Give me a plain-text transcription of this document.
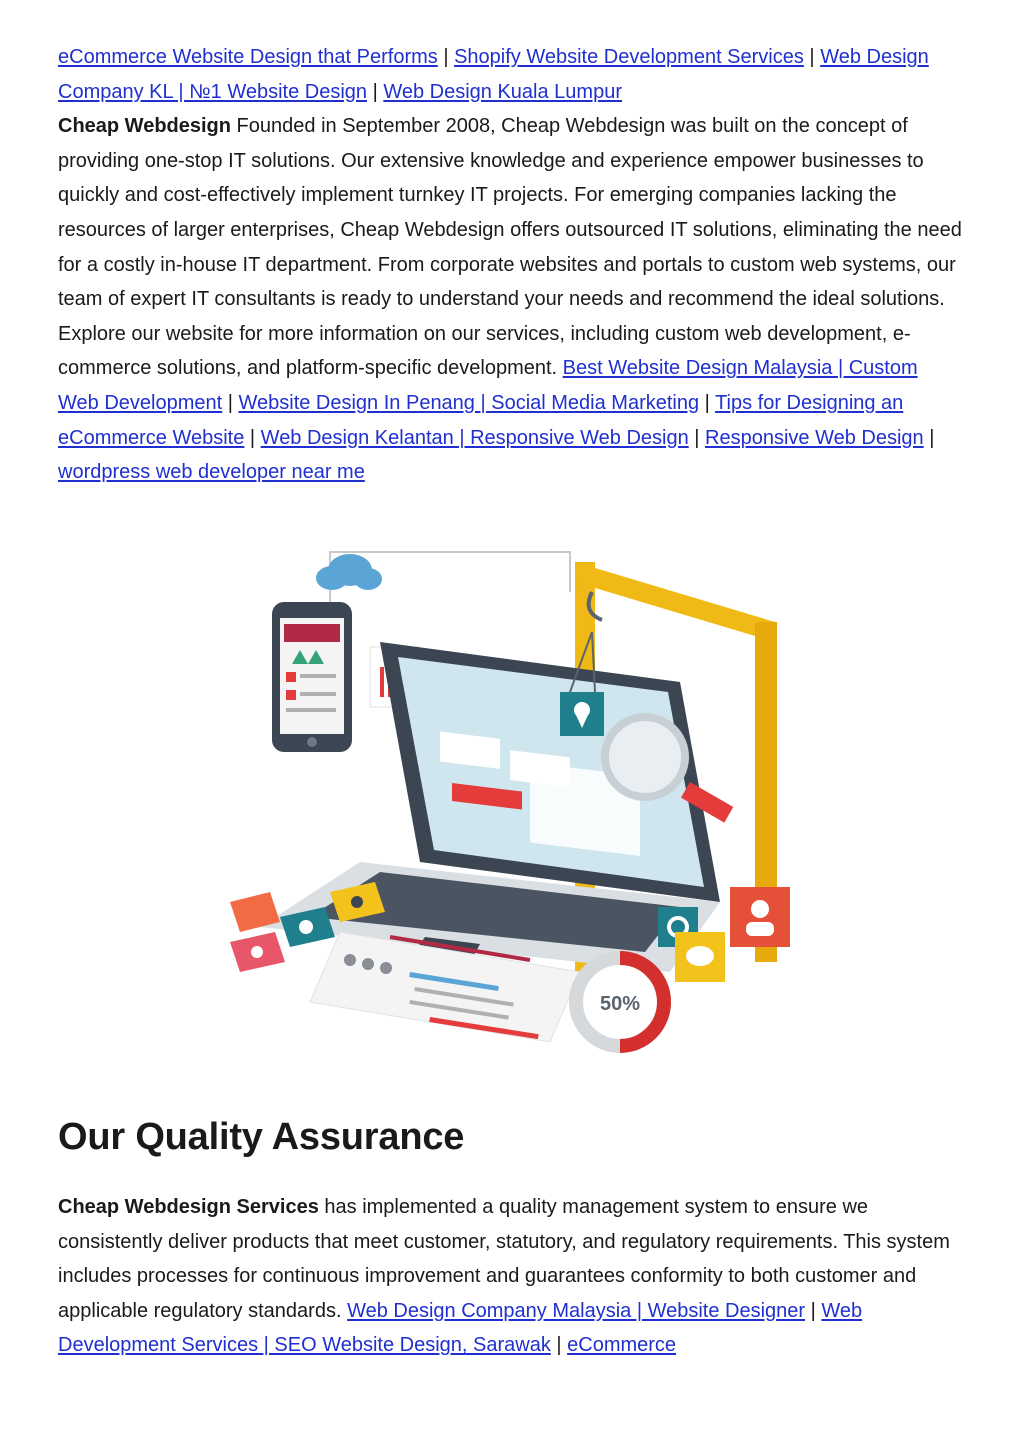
eCommerce Website Design that Performs | Shopify Website Development Services | Web Design Company KL | №1 Website Design | Web Design Kuala Lumpur
Cheap Webdesign Founded in September 2008, Cheap Webdesign was built on the concept of providing one-stop IT solutions. Our extensive knowledge and experience empower businesses to quickly and cost-effectively implement turnkey IT projects. For emerging companies lacking the resources of larger enterprises, Cheap Webdesign offers outsourced IT solutions, eliminating the need for a costly in-house IT department. From corporate websites and portals to custom web systems, our team of expert IT consultants is ready to understand your needs and recommend the ideal solutions. Explore our website for more information on our services, including custom web development, e-commerce solutions, and platform-specific development. Best Website Design Malaysia | Custom Web Development | Website Design In Penang | Social Media Marketing | Tips for Designing an eCommerce Website | Web Design Kelantan | Responsive Web Design | Responsive Web Design | wordpress web developer near me

50%
Our Quality Assurance

Cheap Webdesign Services has implemented a quality management system to ensure we consistently deliver products that meet customer, statutory, and regulatory requirements. This system includes processes for continuous improvement and guarantees conformity to both customer and applicable regulatory standards. Web Design Company Malaysia | Website Designer | Web Development Services | SEO Website Design, Sarawak | eCommerce
